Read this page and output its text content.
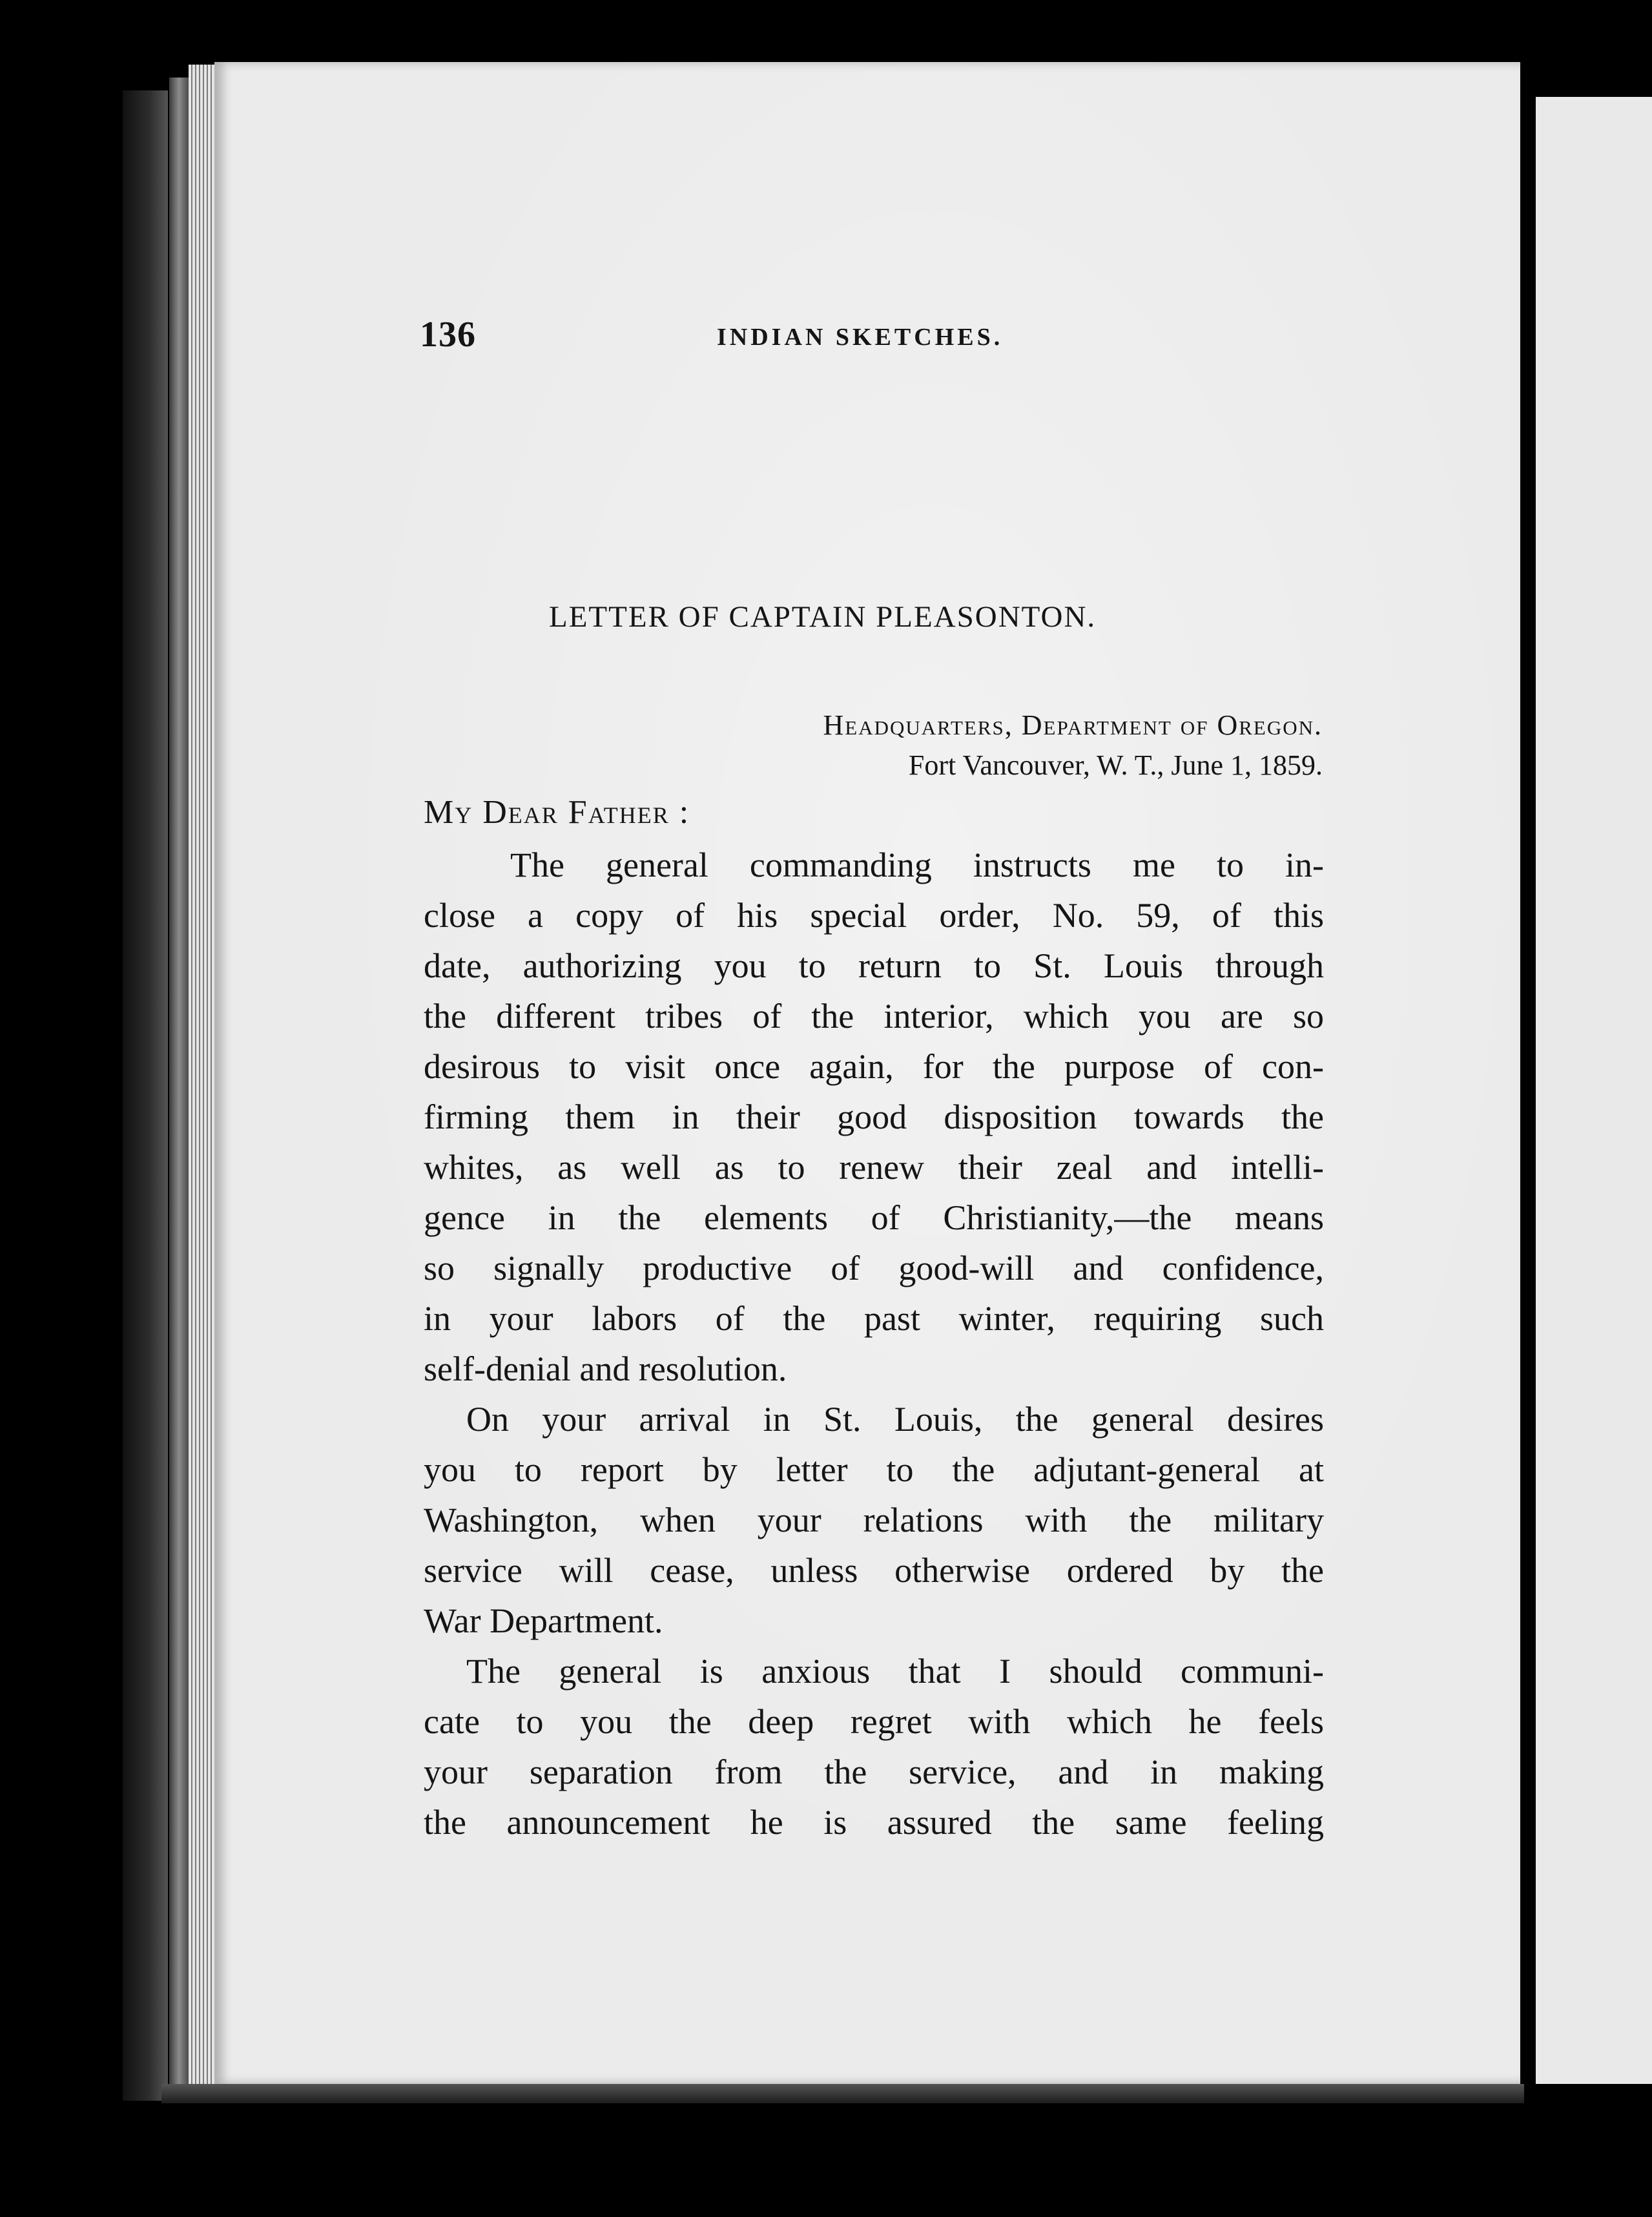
136	INDIAN SKETCHES.
LETTER OF CAPTAIN PLEASONTON.
Headquarters, Department of Oregon.
Fort Vancouver, W. T., June 1, 1859.
My Dear Father :
The general commanding instructs me to in-
close a copy of his special order, No. 59, of this
date, authorizing you to return to St. Louis through
the different tribes of the interior, which you are so
desirous to visit once again, for the purpose of con-
firming them in their good disposition towards the
whites, as well as to renew their zeal and intelli-
gence in the elements of Christianity,—the means
so signally productive of good-will and confidence,
in your labors of the past winter, requiring such
self-denial and resolution.
On your arrival in St. Louis, the general desires
you to report by letter to the adjutant-general at
Washington, when your relations with the military
service will cease, unless otherwise ordered by the
War Department.
The general is anxious that I should communi-
cate to you the deep regret with which he feels
your separation from the service, and in making
the announcement he is assured the same feeling
